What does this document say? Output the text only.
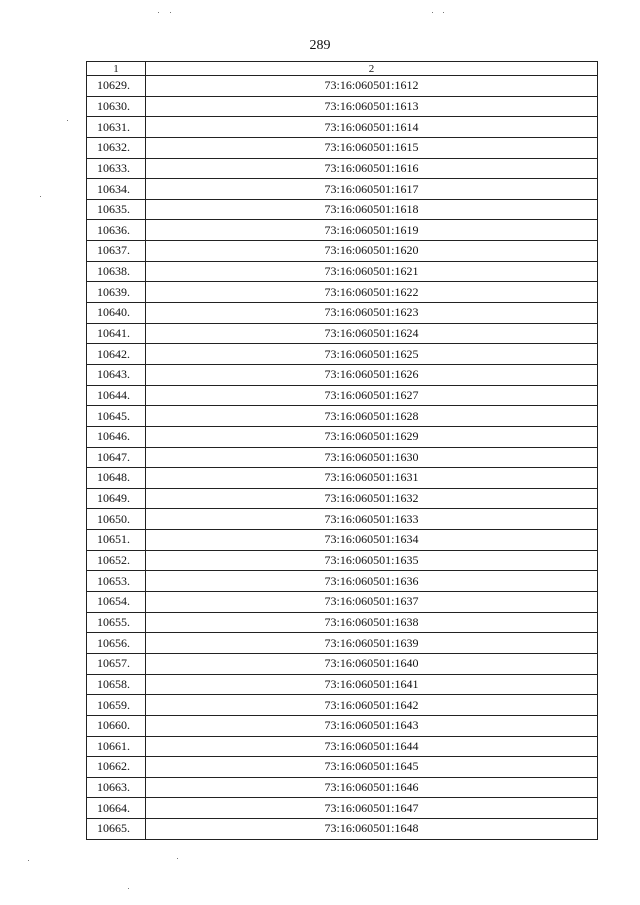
289
1	2
10629.	73:16:060501:1612
10630.	73:16:060501:1613
10631.	73:16:060501:1614
10632.	73:16:060501:1615
10633.	73:16:060501:1616
10634.	73:16:060501:1617
10635.	73:16:060501:1618
10636.	73:16:060501:1619
10637.	73:16:060501:1620
10638.	73:16:060501:1621
10639.	73:16:060501:1622
10640.	73:16:060501:1623
10641.	73:16:060501:1624
10642.	73:16:060501:1625
10643.	73:16:060501:1626
10644.	73:16:060501:1627
10645.	73:16:060501:1628
10646.	73:16:060501:1629
10647.	73:16:060501:1630
10648.	73:16:060501:1631
10649.	73:16:060501:1632
10650.	73:16:060501:1633
10651.	73:16:060501:1634
10652.	73:16:060501:1635
10653.	73:16:060501:1636
10654.	73:16:060501:1637
10655.	73:16:060501:1638
10656.	73:16:060501:1639
10657.	73:16:060501:1640
10658.	73:16:060501:1641
10659.	73:16:060501:1642
10660.	73:16:060501:1643
10661.	73:16:060501:1644
10662.	73:16:060501:1645
10663.	73:16:060501:1646
10664.	73:16:060501:1647
10665.	73:16:060501:1648
